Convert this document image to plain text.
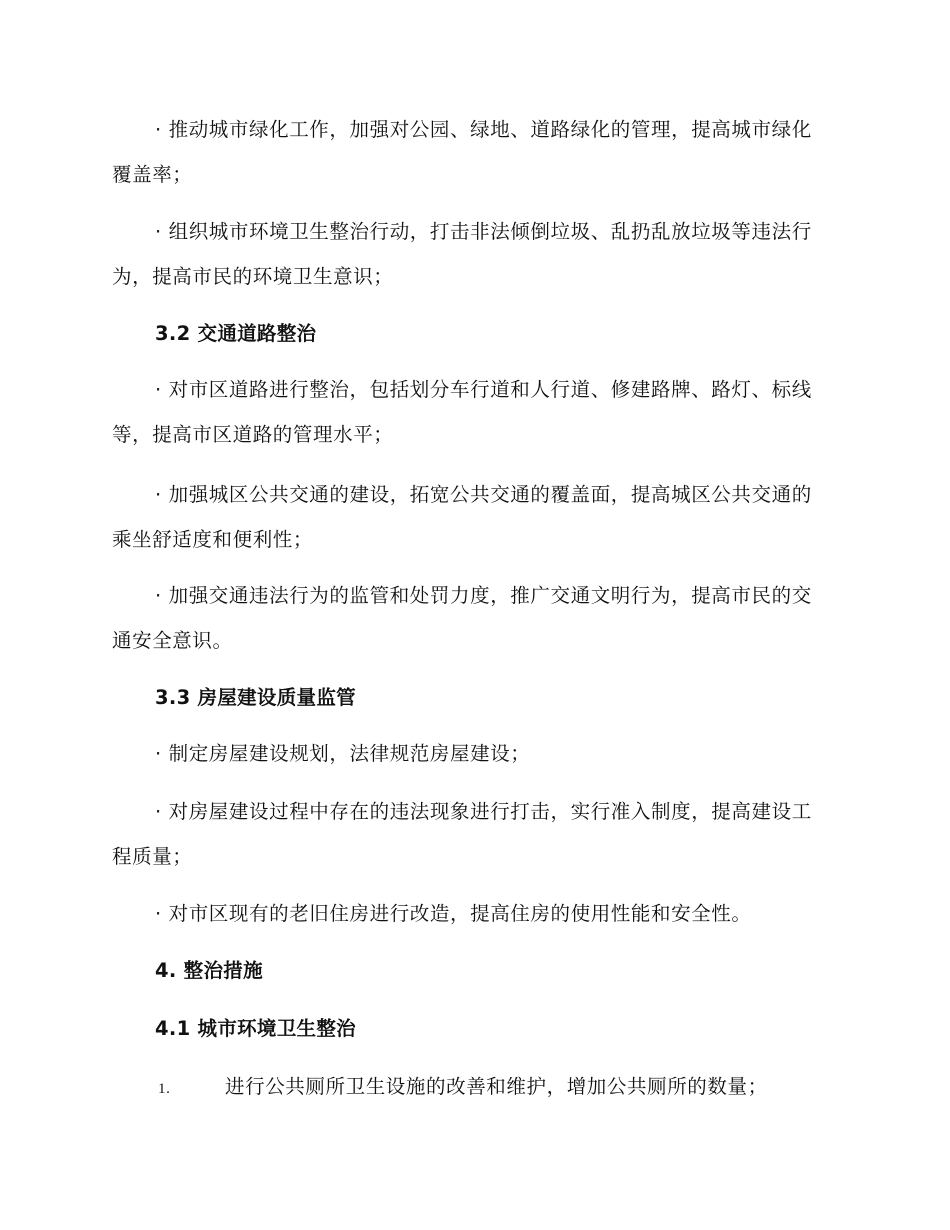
· 推动城市绿化工作，加强对公园、绿地、道路绿化的管理，提高城市绿化覆盖率；

· 组织城市环境卫生整治行动，打击非法倾倒垃圾、乱扔乱放垃圾等违法行为，提高市民的环境卫生意识；

3.2 交通道路整治

· 对市区道路进行整治，包括划分车行道和人行道、修建路牌、路灯、标线等，提高市区道路的管理水平；

· 加强城区公共交通的建设，拓宽公共交通的覆盖面，提高城区公共交通的乘坐舒适度和便利性；

· 加强交通违法行为的监管和处罚力度，推广交通文明行为，提高市民的交通安全意识。

3.3 房屋建设质量监管

· 制定房屋建设规划，法律规范房屋建设；

· 对房屋建设过程中存在的违法现象进行打击，实行准入制度，提高建设工程质量；

· 对市区现有的老旧住房进行改造，提高住房的使用性能和安全性。

4. 整治措施
4.1 城市环境卫生整治
1.	进行公共厕所卫生设施的改善和维护，增加公共厕所的数量；
